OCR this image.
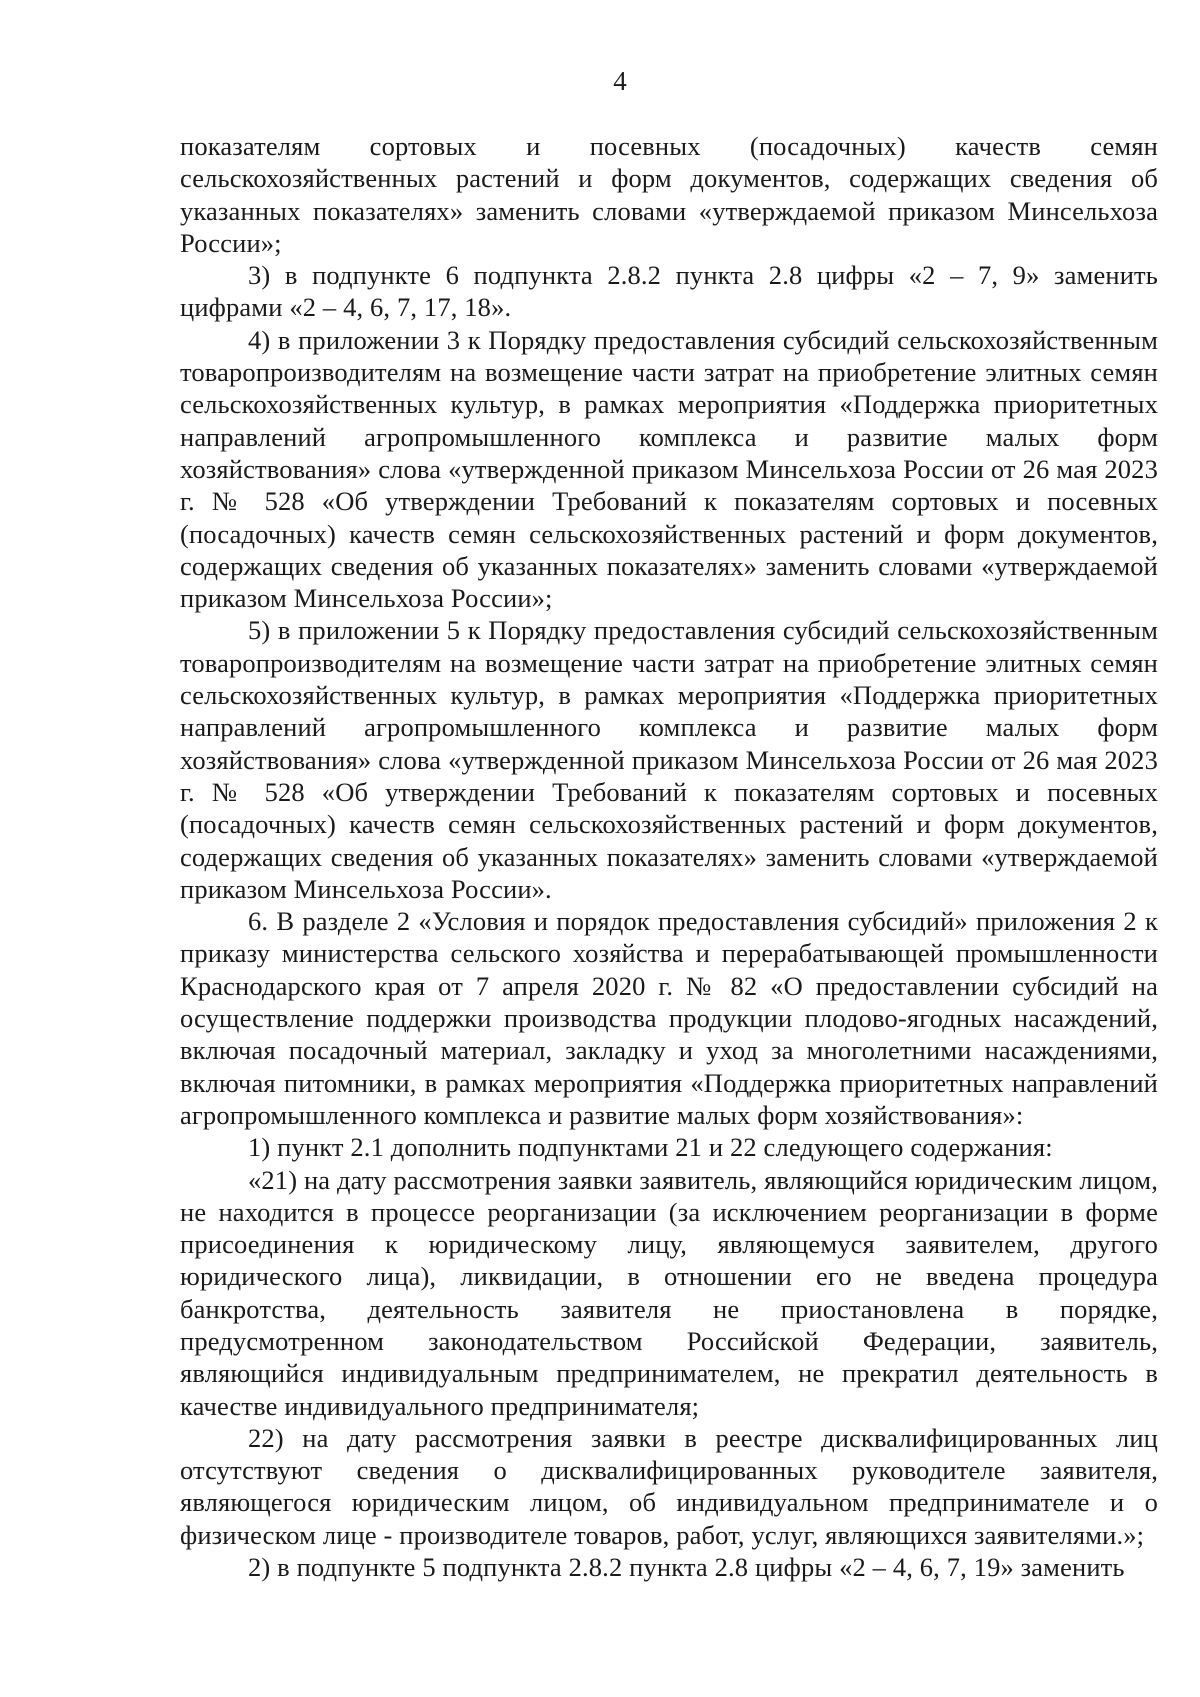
4

показателям сортовых и посевных (посадочных) качеств семян сельскохозяйственных растений и форм документов, содержащих сведения об указанных показателях» заменить словами «утверждаемой приказом Минсельхоза России»;

3) в подпункте 6 подпункта 2.8.2 пункта 2.8 цифры «2 – 7, 9» заменить цифрами «2 – 4, 6, 7, 17, 18».

4) в приложении 3 к Порядку предоставления субсидий сельскохозяйственным товаропроизводителям на возмещение части затрат на приобретение элитных семян сельскохозяйственных культур, в рамках мероприятия «Поддержка приоритетных направлений агропромышленного комплекса и развитие малых форм хозяйствования» слова «утвержденной приказом Минсельхоза России от 26 мая 2023 г. № 528 «Об утверждении Требований к показателям сортовых и посевных (посадочных) качеств семян сельскохозяйственных растений и форм документов, содержащих сведения об указанных показателях» заменить словами «утверждаемой приказом Минсельхоза России»;

5) в приложении 5 к Порядку предоставления субсидий сельскохозяйственным товаропроизводителям на возмещение части затрат на приобретение элитных семян сельскохозяйственных культур, в рамках мероприятия «Поддержка приоритетных направлений агропромышленного комплекса и развитие малых форм хозяйствования» слова «утвержденной приказом Минсельхоза России от 26 мая 2023 г. № 528 «Об утверждении Требований к показателям сортовых и посевных (посадочных) качеств семян сельскохозяйственных растений и форм документов, содержащих сведения об указанных показателях» заменить словами «утверждаемой приказом Минсельхоза России».

6. В разделе 2 «Условия и порядок предоставления субсидий» приложения 2 к приказу министерства сельского хозяйства и перерабатывающей промышленности Краснодарского края от 7 апреля 2020 г. № 82 «О предоставлении субсидий на осуществление поддержки производства продукции плодово-ягодных насаждений, включая посадочный материал, закладку и уход за многолетними насаждениями, включая питомники, в рамках мероприятия «Поддержка приоритетных направлений агропромышленного комплекса и развитие малых форм хозяйствования»:

1) пункт 2.1 дополнить подпунктами 21 и 22 следующего содержания:

«21) на дату рассмотрения заявки заявитель, являющийся юридическим лицом, не находится в процессе реорганизации (за исключением реорганизации в форме присоединения к юридическому лицу, являющемуся заявителем, другого юридического лица), ликвидации, в отношении его не введена процедура банкротства, деятельность заявителя не приостановлена в порядке, предусмотренном законодательством Российской Федерации, заявитель, являющийся индивидуальным предпринимателем, не прекратил деятельность в качестве индивидуального предпринимателя;

22) на дату рассмотрения заявки в реестре дисквалифицированных лиц отсутствуют сведения о дисквалифицированных руководителе заявителя, являющегося юридическим лицом, об индивидуальном предпринимателе и о физическом лице - производителе товаров, работ, услуг, являющихся заявителями.»;

2) в подпункте 5 подпункта 2.8.2 пункта 2.8 цифры «2 – 4, 6, 7, 19» заменить
